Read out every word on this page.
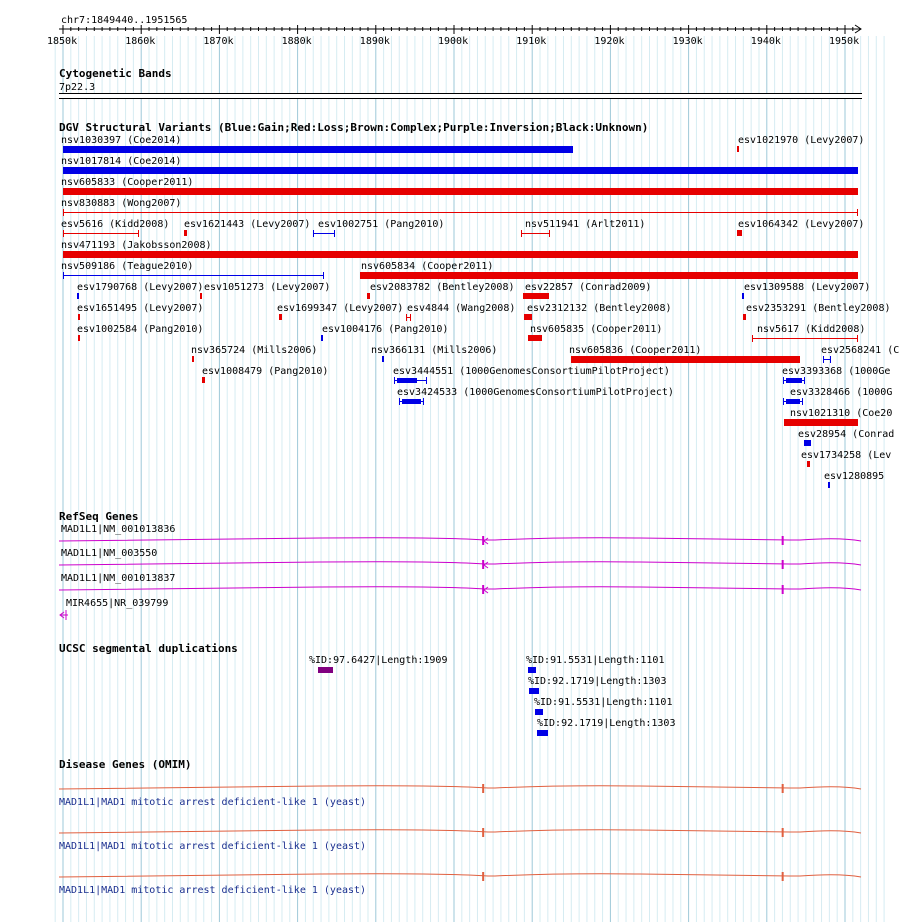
chr7:1849440..1951565
1850k	1860k	1870k	1880k	1890k	1900k	1910k	1920k	1930k	1940k	1950k
Cytogenetic Bands
7p22.3
DGV Structural Variants (Blue:Gain;Red:Loss;Brown:Complex;Purple:Inversion;Black:Unknown)
nsv1030397 (Coe2014)	esv1021970 (Levy2007)
nsv1017814 (Coe2014)
nsv605833 (Cooper2011)
nsv830883 (Wong2007)
esv5616 (Kidd2008) esv1621443 (Levy2007) esv1002751 (Pang2010)	nsv511941 (Arlt2011)	esv1064342 (Levy2007)
nsv471193 (Jakobsson2008)
nsv509186 (Teague2010)	nsv605834 (Cooper2011)
esv1790768 (Levy2007) esv1051273 (Levy2007)	esv2083782 (Bentley2008) esv22857 (Conrad2009)	esv1309588 (Levy2007)
esv1651495 (Levy2007)	esv1699347 (Levy2007) esv4844 (Wang2008) esv2312132 (Bentley2008)	esv2353291 (Bentley2008)
esv1002584 (Pang2010)	esv1004176 (Pang2010)	nsv605835 (Cooper2011)	nsv5617 (Kidd2008)
nsv365724 (Mills2006)	nsv366131 (Mills2006)	nsv605836 (Cooper2011)	esv2568241 (C
esv1008479 (Pang2010)	esv3444551 (1000GenomesConsortiumPilotProject)	esv3393368 (1000Ge
esv3424533 (1000GenomesConsortiumPilotProject)	esv3328466 (1000G
nsv1021310 (Coe20
esv28954 (Conrad
esv1734258 (Lev
esv1280895
RefSeq Genes
MAD1L1|NM_001013836
MAD1L1|NM_003550
MAD1L1|NM_001013837
MIR4655|NR_039799
UCSC segmental duplications
%ID:97.6427|Length:1909	%ID:91.5531|Length:1101
%ID:92.1719|Length:1303
%ID:91.5531|Length:1101
%ID:92.1719|Length:1303
Disease Genes (OMIM)
MAD1L1|MAD1 mitotic arrest deficient-like 1 (yeast)
MAD1L1|MAD1 mitotic arrest deficient-like 1 (yeast)
MAD1L1|MAD1 mitotic arrest deficient-like 1 (yeast)
